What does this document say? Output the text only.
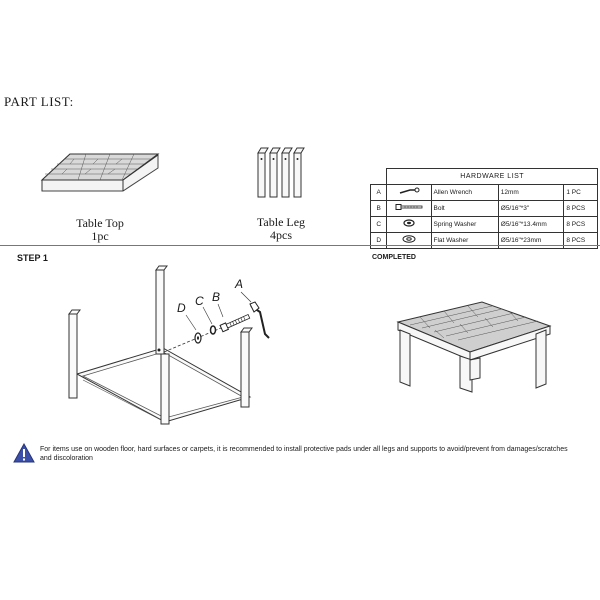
PART LIST:
Table Top
1pc
Table Leg
4pcs
	HARDWARE LIST			
A		Allen Wrench	12mm	1 PC
B		Bolt	Ø5/16"*3"	8 PCS
C		Spring Washer	Ø5/16"*13.4mm	8 PCS
D		Flat Washer	Ø5/16"*23mm	8 PCS
STEP 1
D C B
A
COMPLETED
For items use on wooden floor, hard surfaces or carpets, it is recommended to install protective pads under all legs and supports to avoid/prevent from damages/scratches and discoloration
